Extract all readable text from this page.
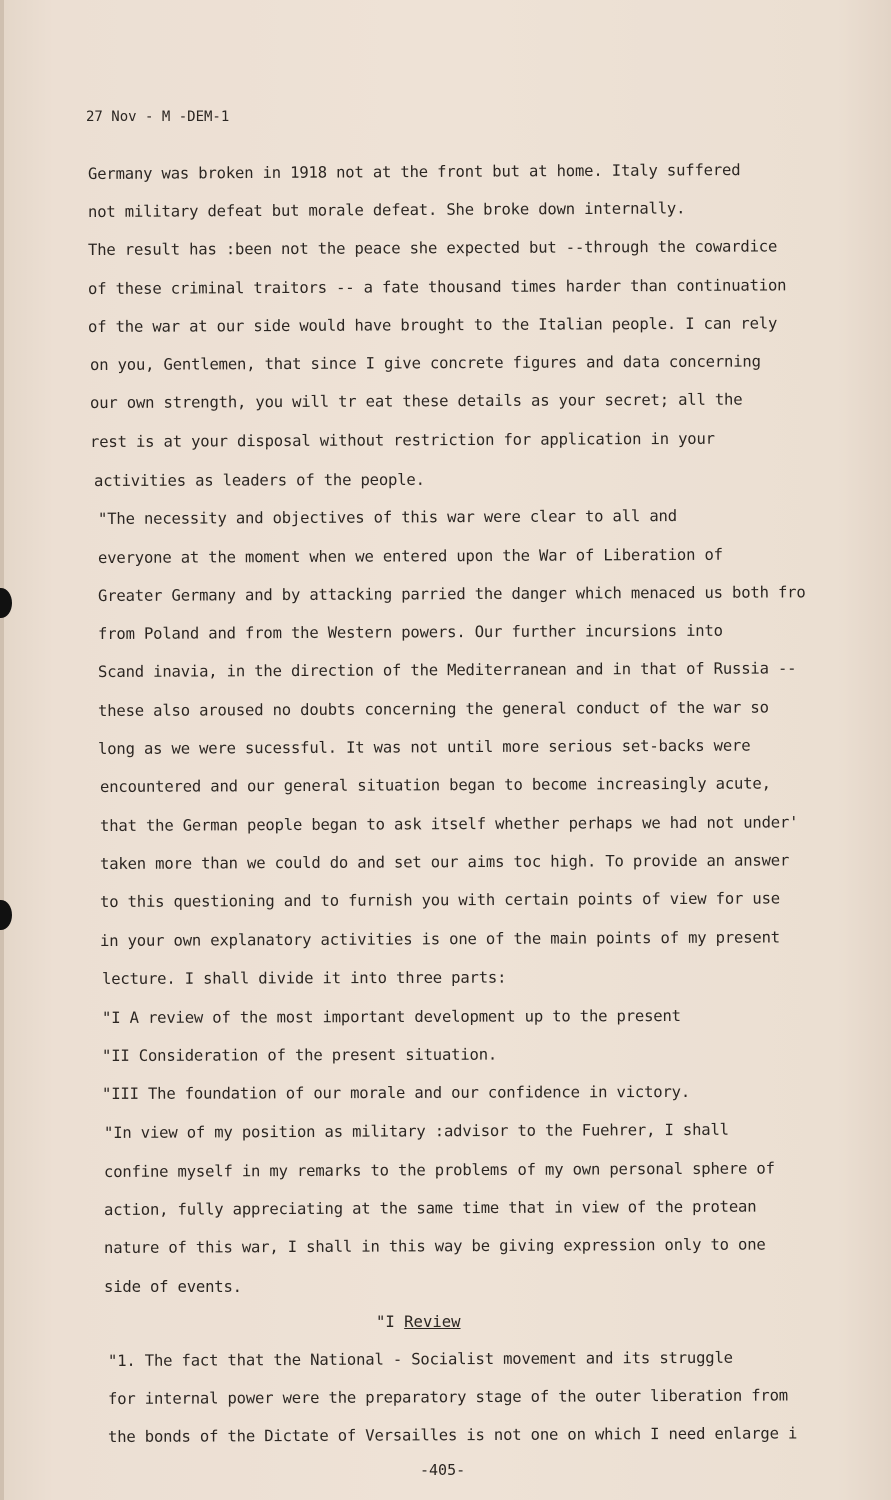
27 Nov - M -DEM-1
Germany was broken in 1918 not at the front but at home. Italy suffered
not military defeat but morale defeat. She broke down internally.
The result has :been not the peace she expected but --through the cowardice
of these criminal traitors -- a fate thousand times harder than continuation
of the war at our side would have brought to the Italian people. I can rely
on you, Gentlemen, that since I give concrete figures and data concerning
our own strength, you will tr eat these details as your secret; all the
rest is at your disposal without restriction for application in your
activities as leaders of the people.
"The necessity and objectives of this war were clear to all and
everyone at the moment when we entered upon the War of Liberation of
Greater Germany and by attacking parried the danger which menaced us both fro
from Poland and from the Western powers. Our further incursions into
Scand inavia, in the direction of the Mediterranean and in that of Russia --
these also aroused no doubts concerning the general conduct of the war so
long as we were sucessful. It was not until more serious set-backs were
encountered and our general situation began to become increasingly acute,
that the German people began to ask itself whether perhaps we had not under'
taken more than we could do and set our aims toc high. To provide an answer
to this questioning and to furnish you with certain points of view for use
in your own explanatory activities is one of the main points of my present
lecture. I shall divide it into three parts:
"I A review of the most important development up to the present
"II Consideration of the present situation.
"III The foundation of our morale and our confidence in victory.
"In view of my position as military :advisor to the Fuehrer, I shall
confine myself in my remarks to the problems of my own personal sphere of
action, fully appreciating at the same time that in view of the protean
nature of this war, I shall in this way be giving expression only to one
side of events.
"I Review
"1. The fact that the National - Socialist movement and its struggle
for internal power were the preparatory stage of the outer liberation from
the bonds of the Dictate of Versailles is not one on which I need enlarge i
-405-
